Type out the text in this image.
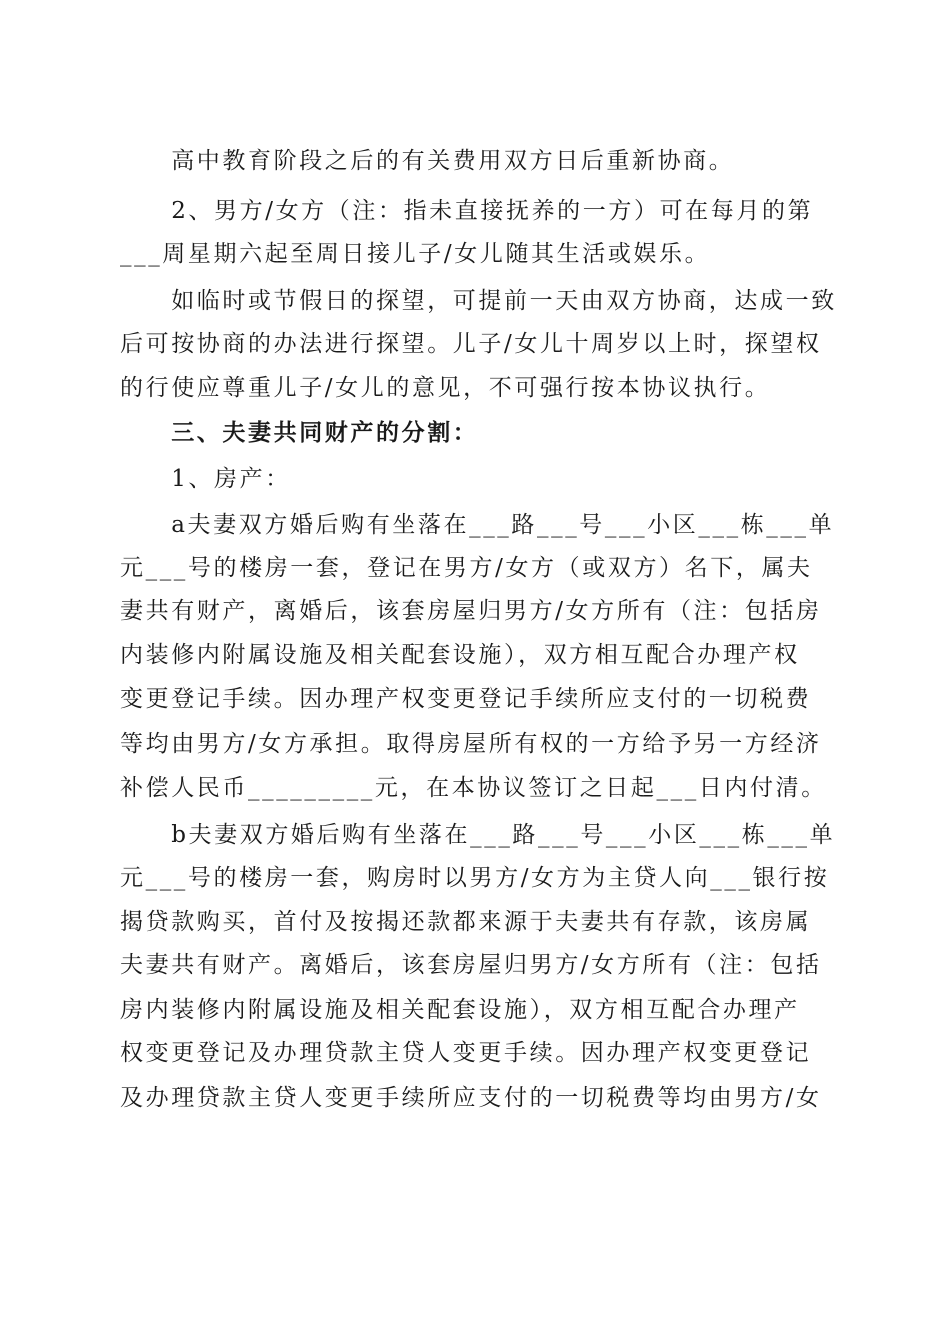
　　高中教育阶段之后的有关费用双方日后重新协商。
　　2、男方/女方（注：指未直接抚养的一方）可在每月的第
___周星期六起至周日接儿子/女儿随其生活或娱乐。
　　如临时或节假日的探望，可提前一天由双方协商，达成一致
后可按协商的办法进行探望。儿子/女儿十周岁以上时，探望权
的行使应尊重儿子/女儿的意见，不可强行按本协议执行。
　　三、夫妻共同财产的分割：
　　1、房产：
　　a夫妻双方婚后购有坐落在___路___号___小区___栋___单
元___号的楼房一套，登记在男方/女方（或双方）名下，属夫
妻共有财产，离婚后，该套房屋归男方/女方所有（注：包括房
内装修内附属设施及相关配套设施），双方相互配合办理产权
变更登记手续。因办理产权变更登记手续所应支付的一切税费
等均由男方/女方承担。取得房屋所有权的一方给予另一方经济
补偿人民币_________元，在本协议签订之日起___日内付清。
　　b夫妻双方婚后购有坐落在___路___号___小区___栋___单
元___号的楼房一套，购房时以男方/女方为主贷人向___银行按
揭贷款购买，首付及按揭还款都来源于夫妻共有存款，该房属
夫妻共有财产。离婚后，该套房屋归男方/女方所有（注：包括
房内装修内附属设施及相关配套设施），双方相互配合办理产
权变更登记及办理贷款主贷人变更手续。因办理产权变更登记
及办理贷款主贷人变更手续所应支付的一切税费等均由男方/女
